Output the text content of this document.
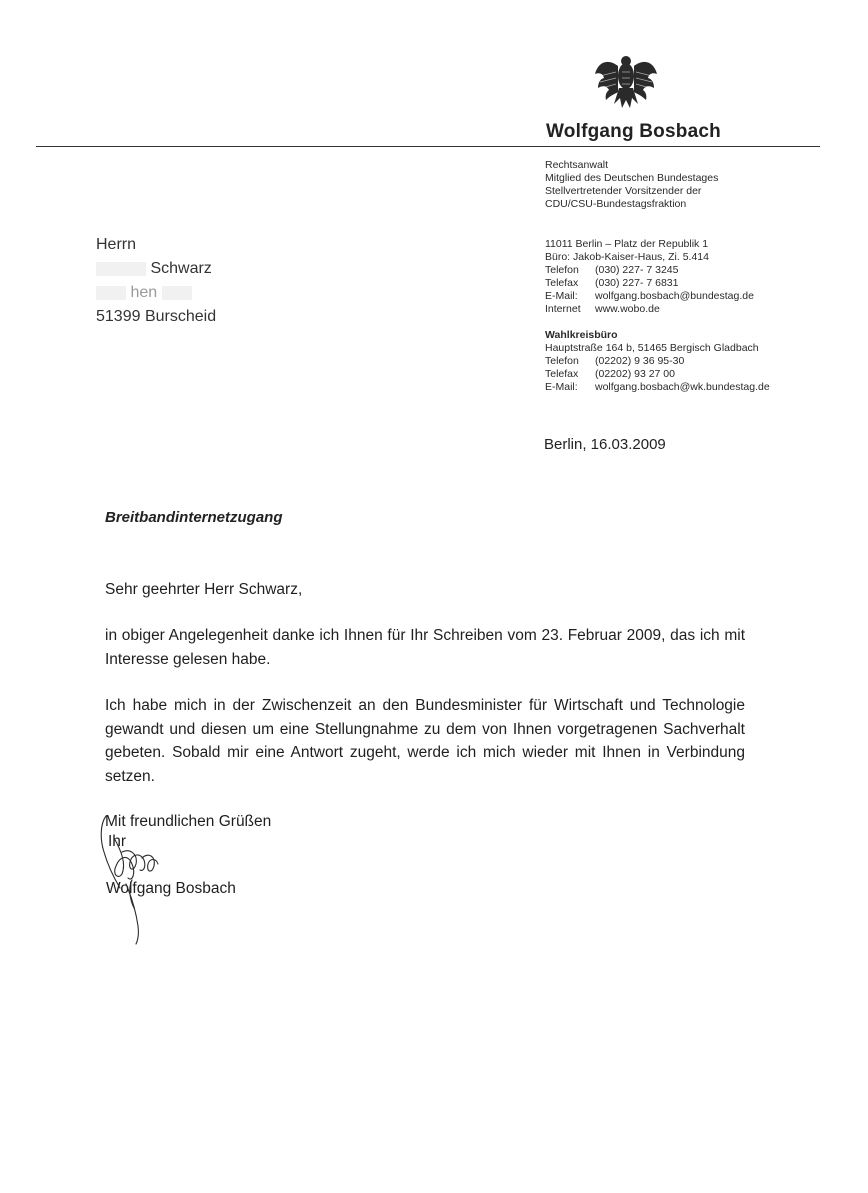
Wolfgang Bosbach
Rechtsanwalt
Mitglied des Deutschen Bundestages
Stellvertretender Vorsitzender der
CDU/CSU-Bundestagsfraktion
11011 Berlin – Platz der Republik 1
Büro: Jakob-Kaiser-Haus, Zi. 5.414
Telefon	(030) 227- 7 3245
Telefax	(030) 227- 7 6831
E-Mail:	wolfgang.bosbach@bundestag.de
Internet	www.wobo.de
Wahlkreisbüro
Hauptstraße 164 b, 51465 Bergisch Gladbach
Telefon	(02202) 9 36 95-30
Telefax	(02202) 93 27 00
E-Mail:	wolfgang.bosbach@wk.bundestag.de
Herrn
Schwarz
hen
51399 Burscheid
Berlin, 16.03.2009
Breitbandinternetzugang
Sehr geehrter Herr Schwarz,
in obiger Angelegenheit danke ich Ihnen für Ihr Schreiben vom 23. Februar 2009, das ich mit Interesse gelesen habe.
Ich habe mich in der Zwischenzeit an den Bundesminister für Wirtschaft und Technologie gewandt und diesen um eine Stellungnahme zu dem von Ihnen vorgetragenen Sachverhalt gebeten. Sobald mir eine Antwort zugeht, werde ich mich wieder mit Ihnen in Verbindung setzen.
Mit freundlichen Grüßen
Ihr
Wolfgang Bosbach
